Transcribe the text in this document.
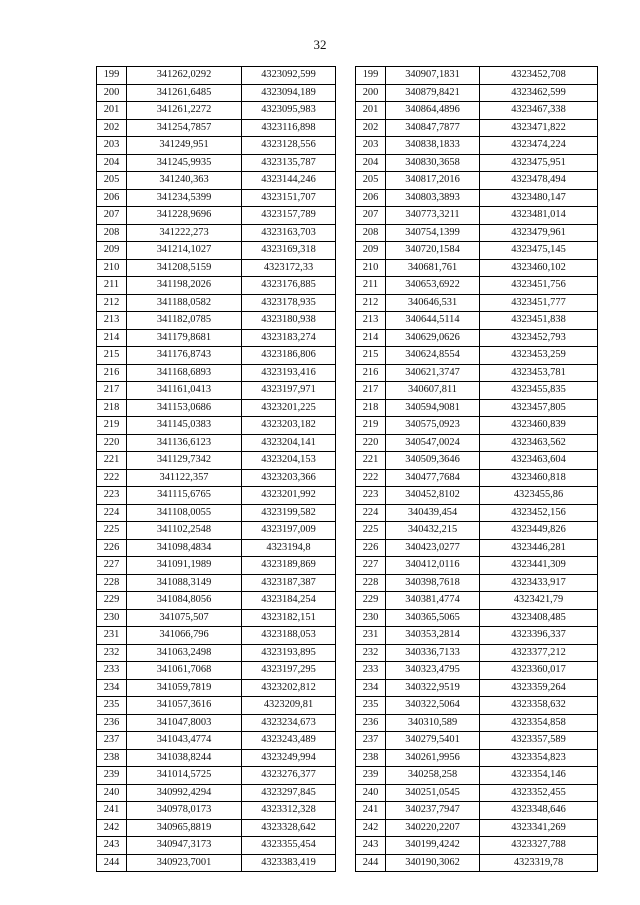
32
199	341262,0292	4323092,599
200	341261,6485	4323094,189
201	341261,2272	4323095,983
202	341254,7857	4323116,898
203	341249,951	4323128,556
204	341245,9935	4323135,787
205	341240,363	4323144,246
206	341234,5399	4323151,707
207	341228,9696	4323157,789
208	341222,273	4323163,703
209	341214,1027	4323169,318
210	341208,5159	4323172,33
211	341198,2026	4323176,885
212	341188,0582	4323178,935
213	341182,0785	4323180,938
214	341179,8681	4323183,274
215	341176,8743	4323186,806
216	341168,6893	4323193,416
217	341161,0413	4323197,971
218	341153,0686	4323201,225
219	341145,0383	4323203,182
220	341136,6123	4323204,141
221	341129,7342	4323204,153
222	341122,357	4323203,366
223	341115,6765	4323201,992
224	341108,0055	4323199,582
225	341102,2548	4323197,009
226	341098,4834	4323194,8
227	341091,1989	4323189,869
228	341088,3149	4323187,387
229	341084,8056	4323184,254
230	341075,507	4323182,151
231	341066,796	4323188,053
232	341063,2498	4323193,895
233	341061,7068	4323197,295
234	341059,7819	4323202,812
235	341057,3616	4323209,81
236	341047,8003	4323234,673
237	341043,4774	4323243,489
238	341038,8244	4323249,994
239	341014,5725	4323276,377
240	340992,4294	4323297,845
241	340978,0173	4323312,328
242	340965,8819	4323328,642
243	340947,3173	4323355,454
244	340923,7001	4323383,419
199	340907,1831	4323452,708
200	340879,8421	4323462,599
201	340864,4896	4323467,338
202	340847,7877	4323471,822
203	340838,1833	4323474,224
204	340830,3658	4323475,951
205	340817,2016	4323478,494
206	340803,3893	4323480,147
207	340773,3211	4323481,014
208	340754,1399	4323479,961
209	340720,1584	4323475,145
210	340681,761	4323460,102
211	340653,6922	4323451,756
212	340646,531	4323451,777
213	340644,5114	4323451,838
214	340629,0626	4323452,793
215	340624,8554	4323453,259
216	340621,3747	4323453,781
217	340607,811	4323455,835
218	340594,9081	4323457,805
219	340575,0923	4323460,839
220	340547,0024	4323463,562
221	340509,3646	4323463,604
222	340477,7684	4323460,818
223	340452,8102	4323455,86
224	340439,454	4323452,156
225	340432,215	4323449,826
226	340423,0277	4323446,281
227	340412,0116	4323441,309
228	340398,7618	4323433,917
229	340381,4774	4323421,79
230	340365,5065	4323408,485
231	340353,2814	4323396,337
232	340336,7133	4323377,212
233	340323,4795	4323360,017
234	340322,9519	4323359,264
235	340322,5064	4323358,632
236	340310,589	4323354,858
237	340279,5401	4323357,589
238	340261,9956	4323354,823
239	340258,258	4323354,146
240	340251,0545	4323352,455
241	340237,7947	4323348,646
242	340220,2207	4323341,269
243	340199,4242	4323327,788
244	340190,3062	4323319,78
